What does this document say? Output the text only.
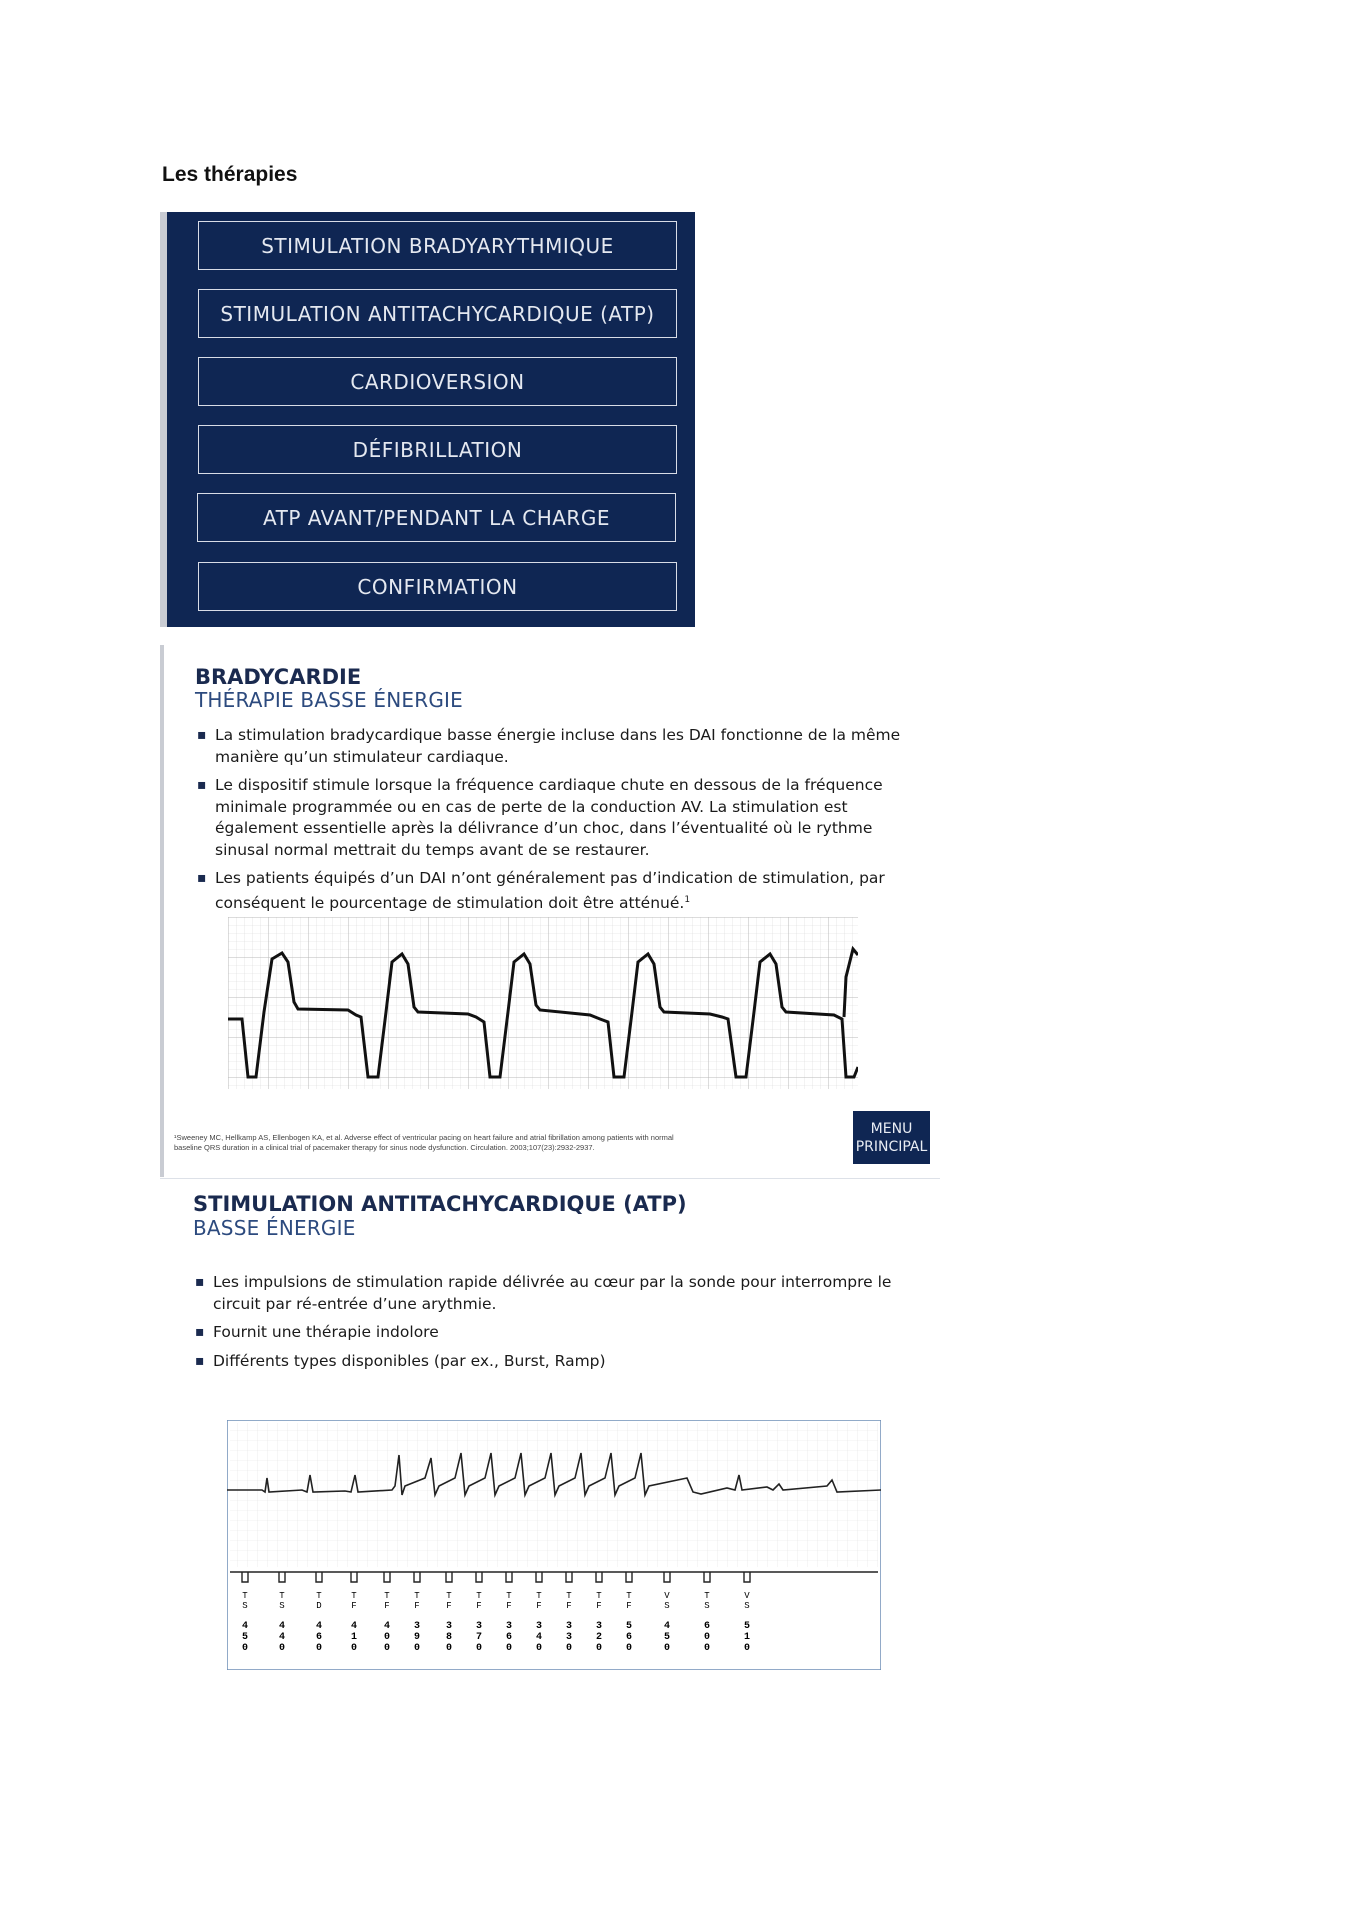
Les thérapies
STIMULATION BRADYARYTHMIQUE
STIMULATION ANTITACHYCARDIQUE (ATP)
CARDIOVERSION
DÉFIBRILLATION
ATP AVANT/PENDANT LA CHARGE
CONFIRMATION
BRADYCARDIE
THÉRAPIE BASSE ÉNERGIE
▪ La stimulation bradycardique basse énergie incluse dans les DAI fonctionne de la même manière qu’un stimulateur cardiaque.
▪ Le dispositif stimule lorsque la fréquence cardiaque chute en dessous de la fréquence minimale programmée ou en cas de perte de la conduction AV. La stimulation est également essentielle après la délivrance d’un choc, dans l’éventualité où le rythme sinusal normal mettrait du temps avant de se restaurer.
▪ Les patients équipés d’un DAI n’ont généralement pas d’indication de stimulation, par conséquent le pourcentage de stimulation doit être atténué.$^1$
¹Sweeney MC, Hellkamp AS, Ellenbogen KA, et al. Adverse effect of ventricular pacing on heart failure and atrial fibrillation among patients with normal
baseline QRS duration in a clinical trial of pacemaker therapy for sinus node dysfunction. Circulation. 2003;107(23):2932-2937.
MENU
PRINCIPAL
STIMULATION ANTITACHYCARDIQUE (ATP)
BASSE ÉNERGIE
▪ Les impulsions de stimulation rapide délivrée au cœur par la sonde pour interrompre le circuit par ré-entrée d’une arythmie.
▪ Fournit une thérapie indolore
▪ Différents types disponibles (par ex., Burst, Ramp)
T
S
4
5
0
T
S
4
4
0
T
D
4
6
0
T
F
4
1
0
T
F
4
0
0
T
F
3
9
0
T
F
3
8
0
T
F
3
7
0
T
F
3
6
0
T
F
3
4
0
T
F
3
3
0
T
F
3
2
0
T
F
5
6
0
V
S
4
5
0
T
S
6
0
0
V
S
5
1
0
